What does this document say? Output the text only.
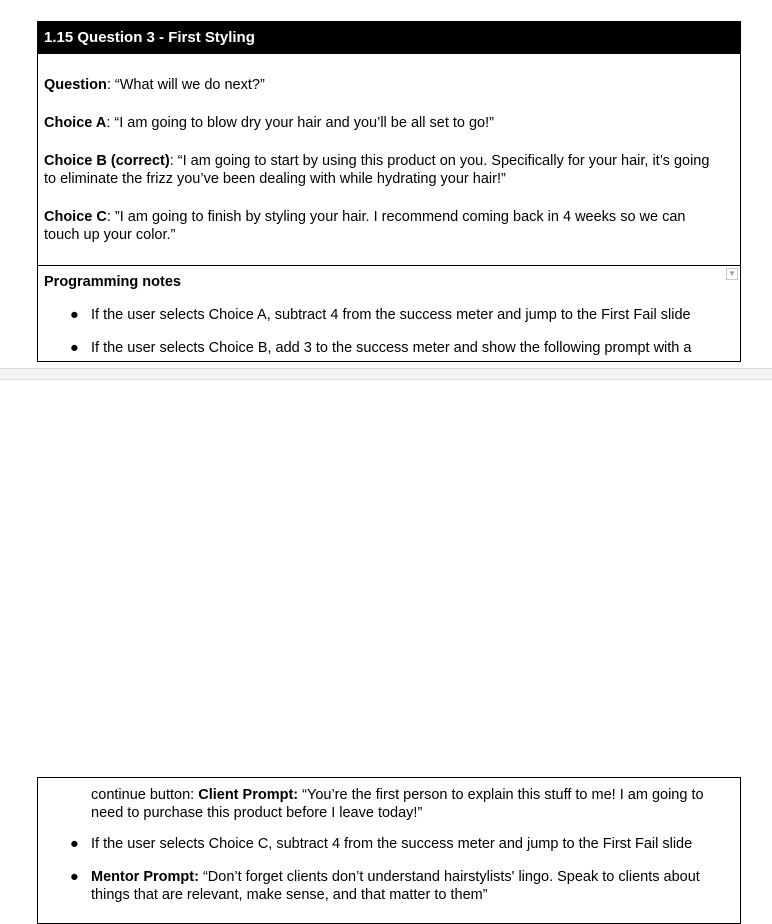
1.15 Question 3 - First Styling
Question: “What will we do next?”
Choice A: “I am going to blow dry your hair and you’ll be all set to go!”
Choice B (correct): “I am going to start by using this product on you. Specifically for your hair, it’s going to eliminate the frizz you’ve been dealing with while hydrating your hair!”
Choice C: ”I am going to finish by styling your hair. I recommend coming back in 4 weeks so we can touch up your color.”
▼
Programming notes
● If the user selects Choice A, subtract 4 from the success meter and jump to the First Fail slide
● If the user selects Choice B, add 3 to the success meter and show the following prompt with a
continue button: Client Prompt: “You’re the first person to explain this stuff to me! I am going to need to purchase this product before I leave today!”
● If the user selects Choice C, subtract 4 from the success meter and jump to the First Fail slide
● Mentor Prompt: “Don’t forget clients don’t understand hairstylists' lingo. Speak to clients about things that are relevant, make sense, and that matter to them”
